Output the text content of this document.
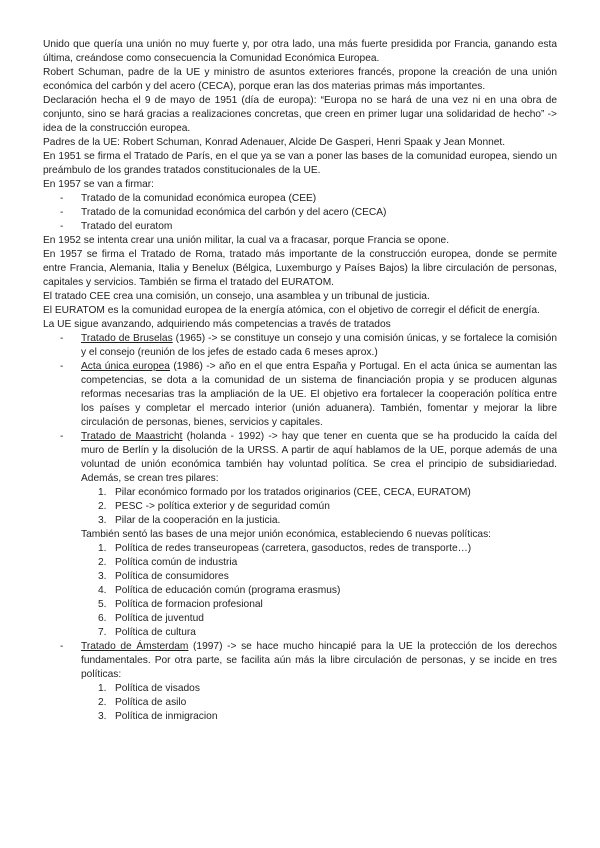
Unido que quería una unión no muy fuerte y, por otra lado, una más fuerte presidida por Francia, ganando esta última, creándose como consecuencia la Comunidad Económica Europea.

Robert Schuman, padre de la UE y ministro de asuntos exteriores francés, propone la creación de una unión económica del carbón y del acero (CECA), porque eran las dos materias primas más importantes.

Declaración hecha el 9 de mayo de 1951 (día de europa): “Europa no se hará de una vez ni en una obra de conjunto, sino se hará gracias a realizaciones concretas, que creen en primer lugar una solidaridad de hecho” -> idea de la construcción europea.

Padres de la UE: Robert Schuman, Konrad Adenauer, Alcide De Gasperi, Henri Spaak y Jean Monnet.

En 1951 se firma el Tratado de París, en el que ya se van a poner las bases de la comunidad europea, siendo un preámbulo de los grandes tratados constitucionales de la UE.

En 1957 se van a firmar:

- Tratado de la comunidad económica europea (CEE)
- Tratado de la comunidad económica del carbón y del acero (CECA)
- Tratado del euratom

En 1952 se intenta crear una unión militar, la cual va a fracasar, porque Francia se opone.

En 1957 se firma el Tratado de Roma, tratado más importante de la construcción europea, donde se permite entre Francia, Alemania, Italia y Benelux (Bélgica, Luxemburgo y Países Bajos) la libre circulación de personas, capitales y servicios. También se firma el tratado del EURATOM.

El tratado CEE crea una comisión, un consejo, una asamblea y un tribunal de justicia.

El EURATOM es la comunidad europea de la energía atómica, con el objetivo de corregir el déficit de energía.

La UE sigue avanzando, adquiriendo más competencias a través de tratados

- Tratado de Bruselas (1965) -> se constituye un consejo y una comisión únicas, y se fortalece la comisión y el consejo (reunión de los jefes de estado cada 6 meses aprox.)
- Acta única europea (1986) -> año en el que entra España y Portugal. En el acta única se aumentan las competencias, se dota a la comunidad de un sistema de financiación propia y se producen algunas reformas necesarias tras la ampliación de la UE. El objetivo era fortalecer la cooperación política entre los países y completar el mercado interior (unión aduanera). También, fomentar y mejorar la libre circulación de personas, bienes, servicios y capitales.
- Tratado de Maastricht (holanda - 1992) -> hay que tener en cuenta que se ha producido la caída del muro de Berlín y la disolución de la URSS. A partir de aquí hablamos de la UE, porque además de una voluntad de unión económica también hay voluntad política. Se crea el principio de subsidiariedad. Además, se crean tres pilares:
1. Pilar económico formado por los tratados originarios (CEE, CECA, EURATOM)
2. PESC -> política exterior y de seguridad común
3. Pilar de la cooperación en la justicia.

También sentó las bases de una mejor unión económica, estableciendo 6 nuevas políticas:

1. Política de redes transeuropeas (carretera, gasoductos, redes de transporte…)
2. Política común de industria
3. Política de consumidores
4. Política de educación común (programa erasmus)
5. Política de formacion profesional
6. Política de juventud
7. Política de cultura
- Tratado de Ámsterdam (1997) -> se hace mucho hincapié para la UE la protección de los derechos fundamentales. Por otra parte, se facilita aún más la libre circulación de personas, y se incide en tres políticas:
1. Política de visados
2. Política de asilo
3. Política de inmigracion
